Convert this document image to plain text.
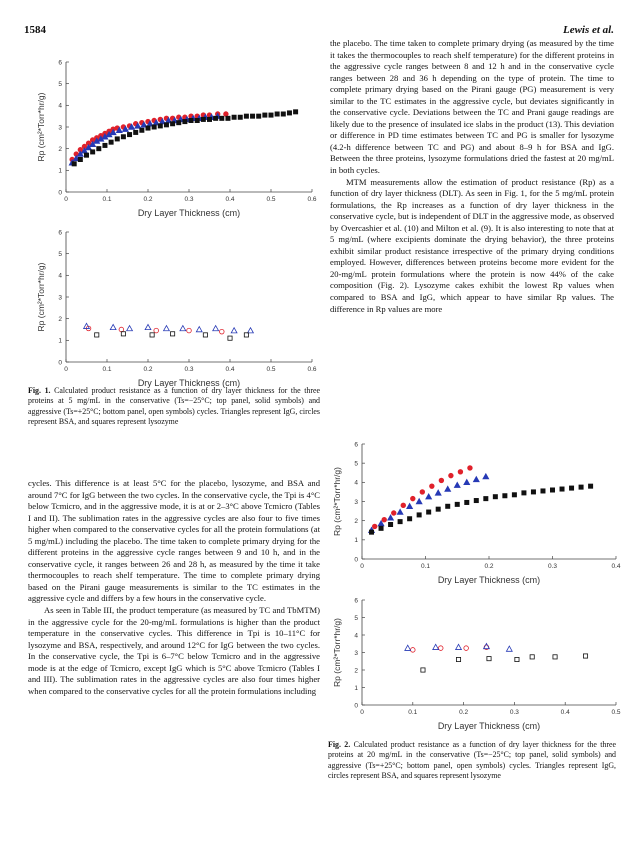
1584	Lewis et al.
0	0.1	0.2	0.3	0.4	0.5	0.6
0
1
2
3
4
5
6
Dry Layer Thickness (cm)
Rp (cm²*Torr*hr/g)
0	0.1	0.2	0.3	0.4	0.5	0.6
0
1
2
3
4
5
6
Dry Layer Thickness (cm)
Rp (cm²*Torr*hr/g)
Fig. 1. Calculated product resistance as a function of dry layer thickness for the three proteins at 5 mg/mL in the conservative (Ts=−25°C; top panel, solid symbols) and aggressive (Ts=+25°C; bottom panel, open symbols) cycles. Triangles represent IgG, circles represent BSA, and squares represent lysozyme

cycles. This difference is at least 5°C for the placebo, lysozyme, and BSA and around 7°C for IgG between the two cycles. In the conservative cycle, the Tpi is 4°C below Tcmicro, and in the aggressive mode, it is at or 2–3°C above Tcmicro (Tables I and II). The sublimation rates in the aggressive cycles are also four to five times higher when compared to the conservative cycles for all the protein formulations (at 5 mg/mL) including the placebo. The time taken to complete primary drying for the different proteins in the aggressive cycle ranges between 9 and 10 h, and in the conservative cycle, it ranges between 26 and 28 h, as measured by the time it take thermocouples to reach shelf temperature. The time to complete primary drying based on the Pirani gauge measurements is similar to the TC estimates in the aggressive cycle and differs by a few hours in the conservative cycle.

As seen in Table III, the product temperature (as measured by TC and TbMTM) in the aggressive cycle for the 20-mg/mL formulations is higher than the product temperature in the conservative cycles. This difference in Tpi is 10–11°C for lysozyme and BSA, respectively, and around 12°C for IgG between the two cycles. In the conservative cycle, the Tpi is 6–7°C below Tcmicro and in the aggressive mode is at the edge of Tcmicro, except IgG which is 5°C above Tcmicro (Tables I and III). The sublimation rates in the aggressive cycles are also four times higher when compared to the conservative cycles for all the protein formulations including

the placebo. The time taken to complete primary drying (as measured by the time it takes the thermocouples to reach shelf temperature) for the different proteins in the aggressive cycle ranges between 8 and 12 h and in the conservative cycle ranges between 28 and 36 h depending on the type of protein. The time to complete primary drying based on the Pirani gauge (PG) measurement is very similar to the TC estimates in the aggressive cycle, but deviates significantly in the conservative cycle. Deviations between the TC and Prani gauge readings are likely due to the presence of insulated ice slabs in the product (13). This deviation or difference in PD time estimates between TC and PG is smaller for lysozyme (4.2-h difference between TC and PG) and about 8–9 h for BSA and IgG. Between the three proteins, lysozyme formulations dried the fastest at 20 mg/mL in both cycles.

MTM measurements allow the estimation of product resistance (Rp) as a function of dry layer thickness (DLT). As seen in Fig. 1, for the 5 mg/mL protein formulations, the Rp increases as a function of dry layer thickness in the conservative cycle, but is independent of DLT in the aggressive mode, as observed by Overcashier et al. (10) and Milton et al. (9). It is also interesting to note that at 5 mg/mL (where excipients dominate the drying behavior), the three proteins exhibit similar product resistance irrespective of the primary drying conditions employed. However, differences between proteins become more evident for the 20-mg/mL protein formulations where the protein is now 44% of the cake composition (Fig. 2). Lysozyme cakes exhibit the lowest Rp values when compared to BSA and IgG, which appear to have similar Rp values. The difference in Rp values are more

0	0.1	0.2	0.3	0.4
0
1
2
3
4
5
6
Dry Layer Thickness (cm)
Rp (cm²*Torr*hr/g)
0	0.1	0.2	0.3	0.4	0.5
0
1
2
3
4
5
6
Dry Layer Thickness (cm)
Rp (cm²*Torr*hr/g)
Fig. 2. Calculated product resistance as a function of dry layer thickness for the three proteins at 20 mg/mL in the conservative (Ts=−25°C; top panel, solid symbols) and aggressive (Ts=+25°C; bottom panel, open symbols) cycles. Triangles represent IgG, circles represent BSA, and squares represent lysozyme
